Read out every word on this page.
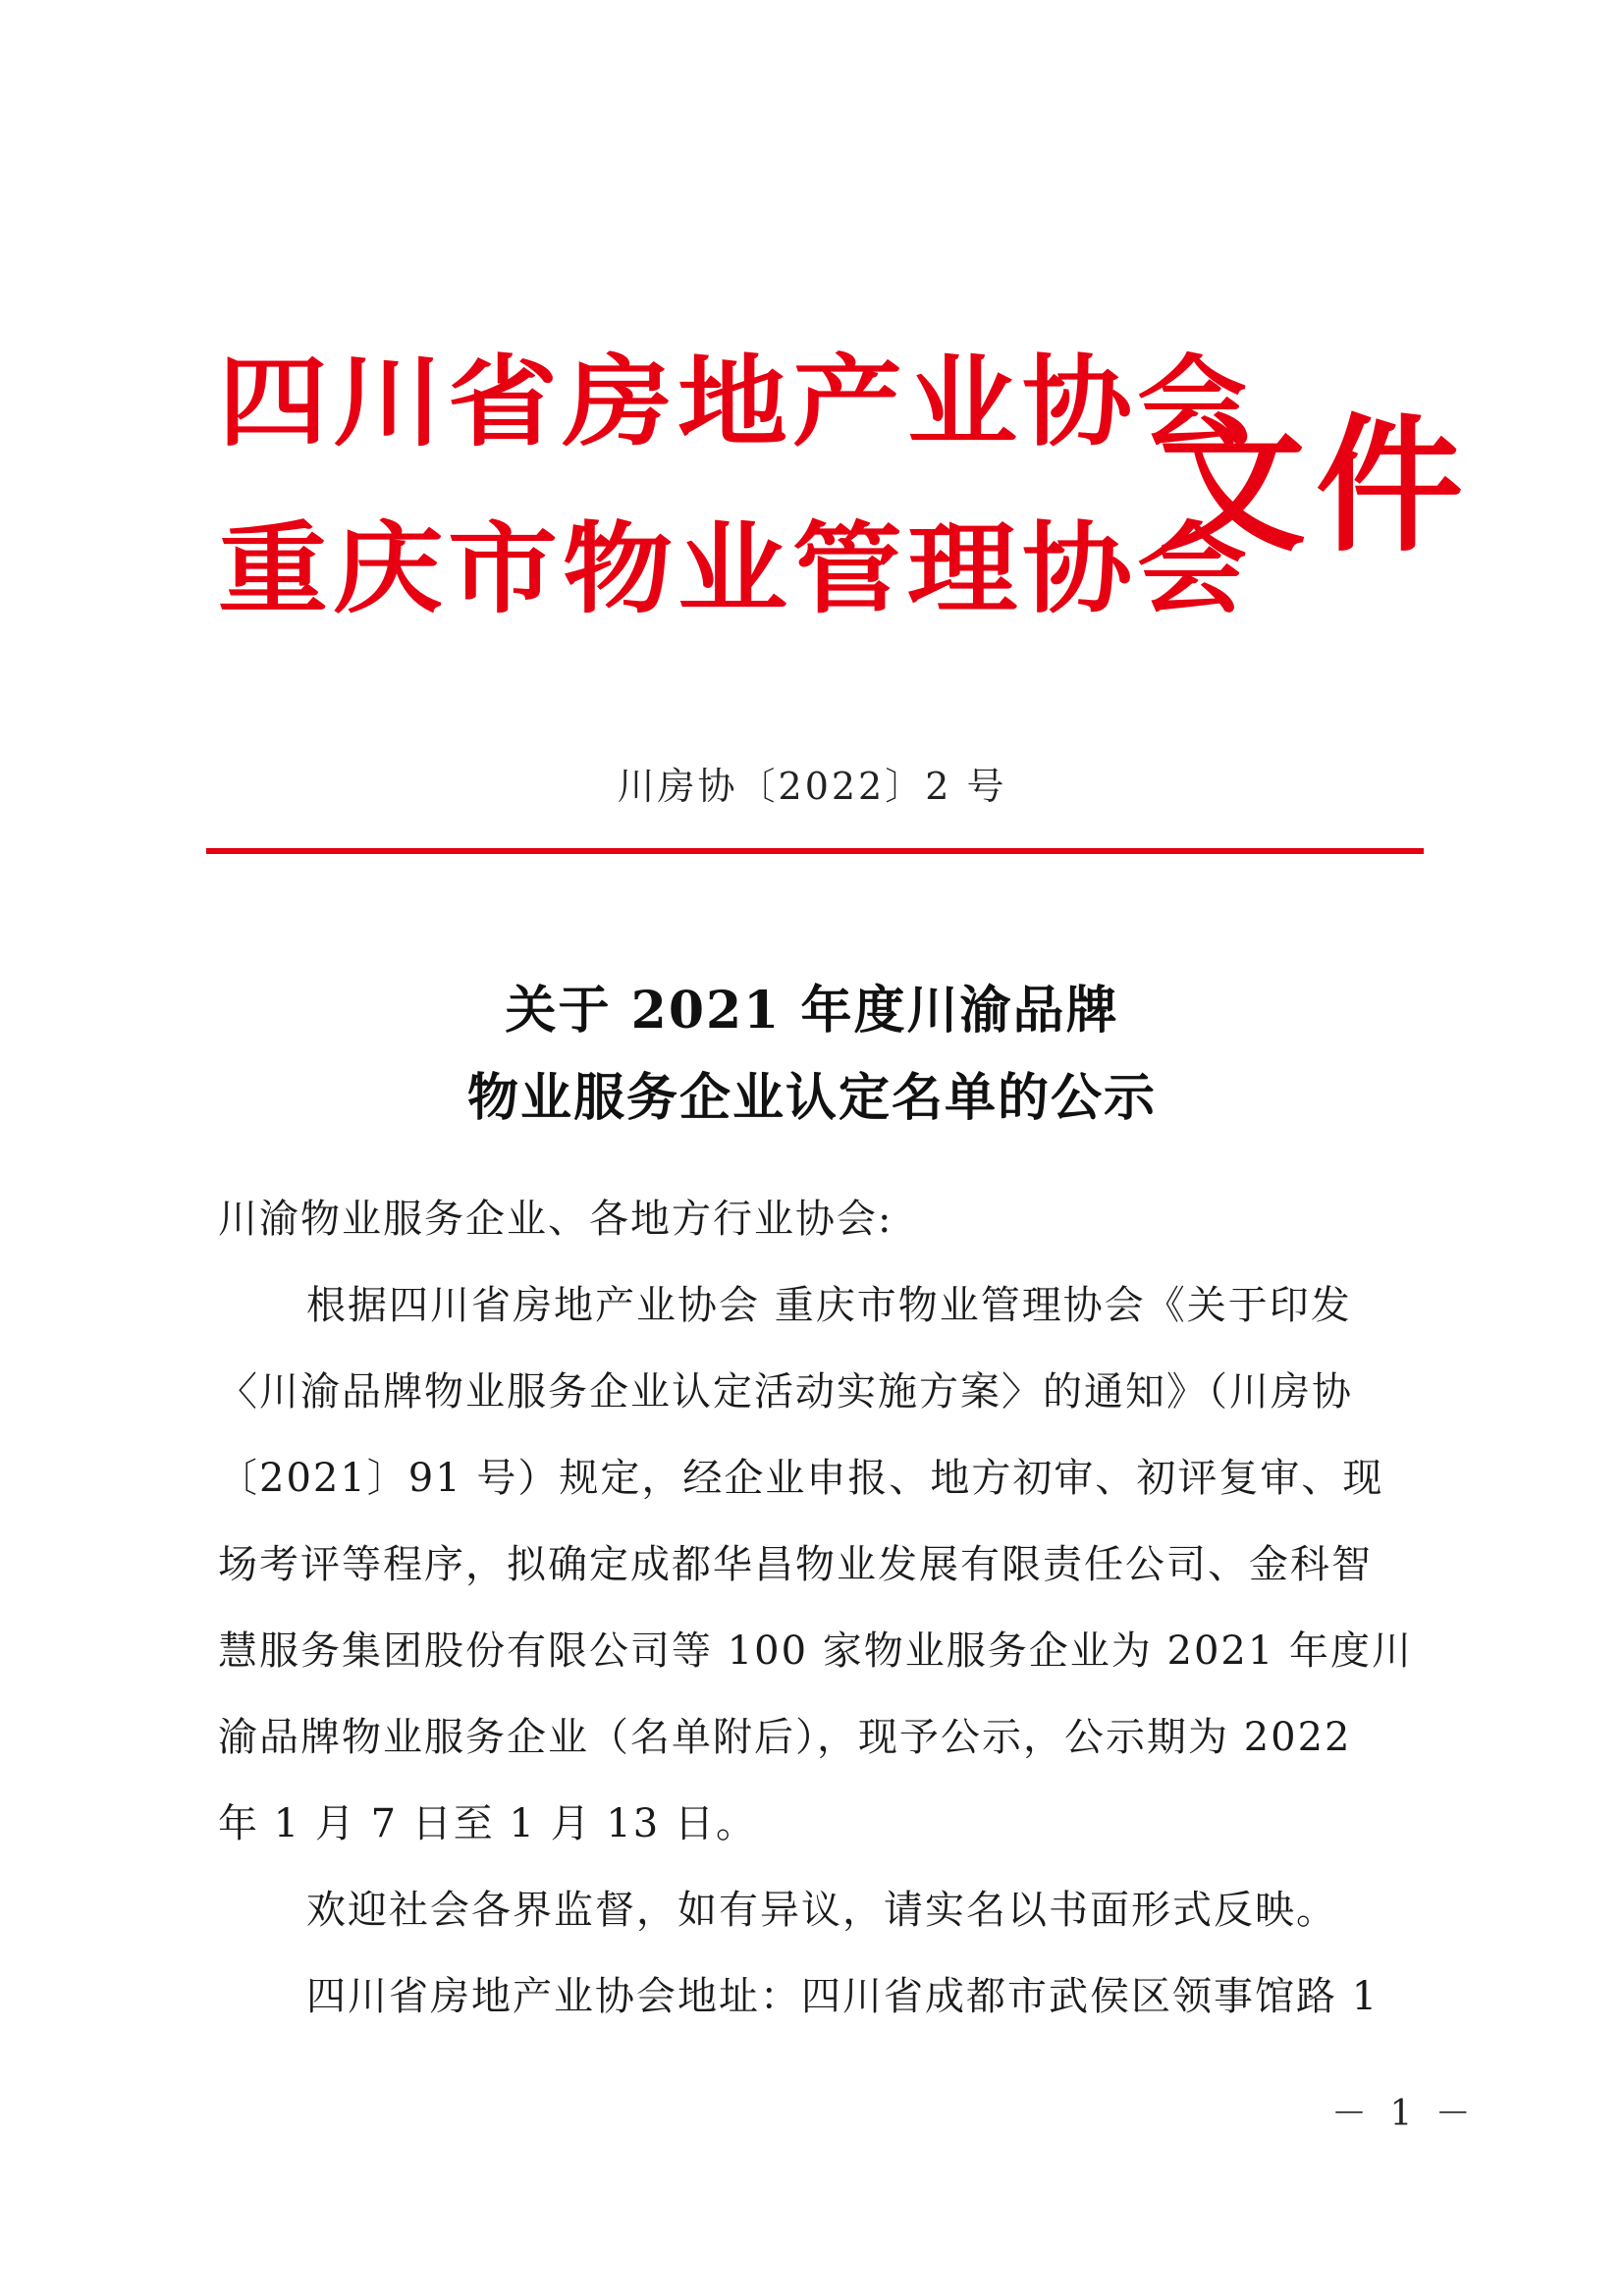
四川省房地产业协会
重庆市物业管理协会
文件
川房协〔2022〕2 号
关于 2021 年度川渝品牌
物业服务企业认定名单的公示
川渝物业服务企业、各地方行业协会:
根据四川省房地产业协会 重庆市物业管理协会《关于印发
〈川渝品牌物业服务企业认定活动实施方案〉的通知》（川房协
〔2021〕91 号）规定，经企业申报、地方初审、初评复审、现
场考评等程序，拟确定成都华昌物业发展有限责任公司、金科智
慧服务集团股份有限公司等 100 家物业服务企业为 2021 年度川
渝品牌物业服务企业（名单附后），现予公示，公示期为 2022
年 1 月 7 日至 1 月 13 日。
欢迎社会各界监督，如有异议，请实名以书面形式反映。
四川省房地产业协会地址：四川省成都市武侯区领事馆路 1
－ 1 －
